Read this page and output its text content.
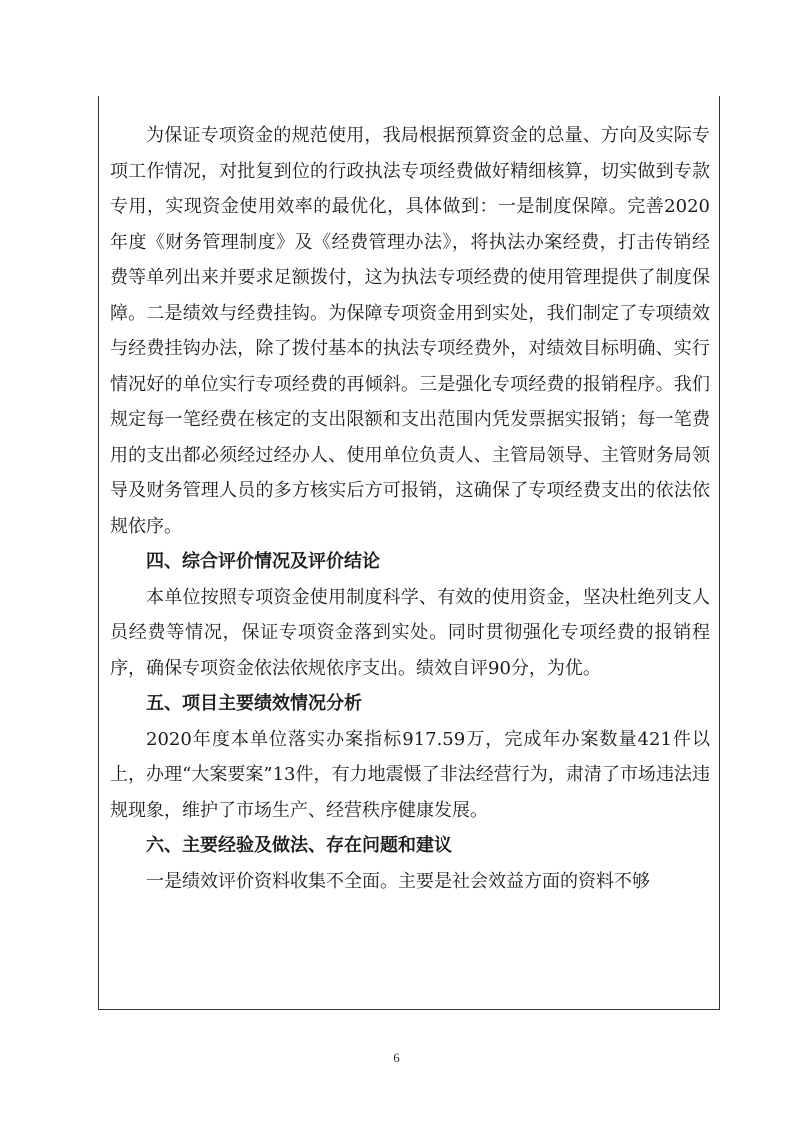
为保证专项资金的规范使用，我局根据预算资金的总量、方向及实际专项工作情况，对批复到位的行政执法专项经费做好精细核算，切实做到专款专用，实现资金使用效率的最优化，具体做到：一是制度保障。完善2020年度《财务管理制度》及《经费管理办法》，将执法办案经费，打击传销经费等单列出来并要求足额拨付，这为执法专项经费的使用管理提供了制度保障。二是绩效与经费挂钩。为保障专项资金用到实处，我们制定了专项绩效与经费挂钩办法，除了拨付基本的执法专项经费外，对绩效目标明确、实行情况好的单位实行专项经费的再倾斜。三是强化专项经费的报销程序。我们规定每一笔经费在核定的支出限额和支出范围内凭发票据实报销；每一笔费用的支出都必须经过经办人、使用单位负责人、主管局领导、主管财务局领导及财务管理人员的多方核实后方可报销，这确保了专项经费支出的依法依规依序。

四、综合评价情况及评价结论

本单位按照专项资金使用制度科学、有效的使用资金，坚决杜绝列支人员经费等情况，保证专项资金落到实处。同时贯彻强化专项经费的报销程序，确保专项资金依法依规依序支出。绩效自评90分，为优。

五、项目主要绩效情况分析

2020年度本单位落实办案指标917.59万，完成年办案数量421件以上，办理“大案要案”13件，有力地震慑了非法经营行为，肃清了市场违法违规现象，维护了市场生产、经营秩序健康发展。

六、主要经验及做法、存在问题和建议

一是绩效评价资料收集不全面。主要是社会效益方面的资料不够

6
